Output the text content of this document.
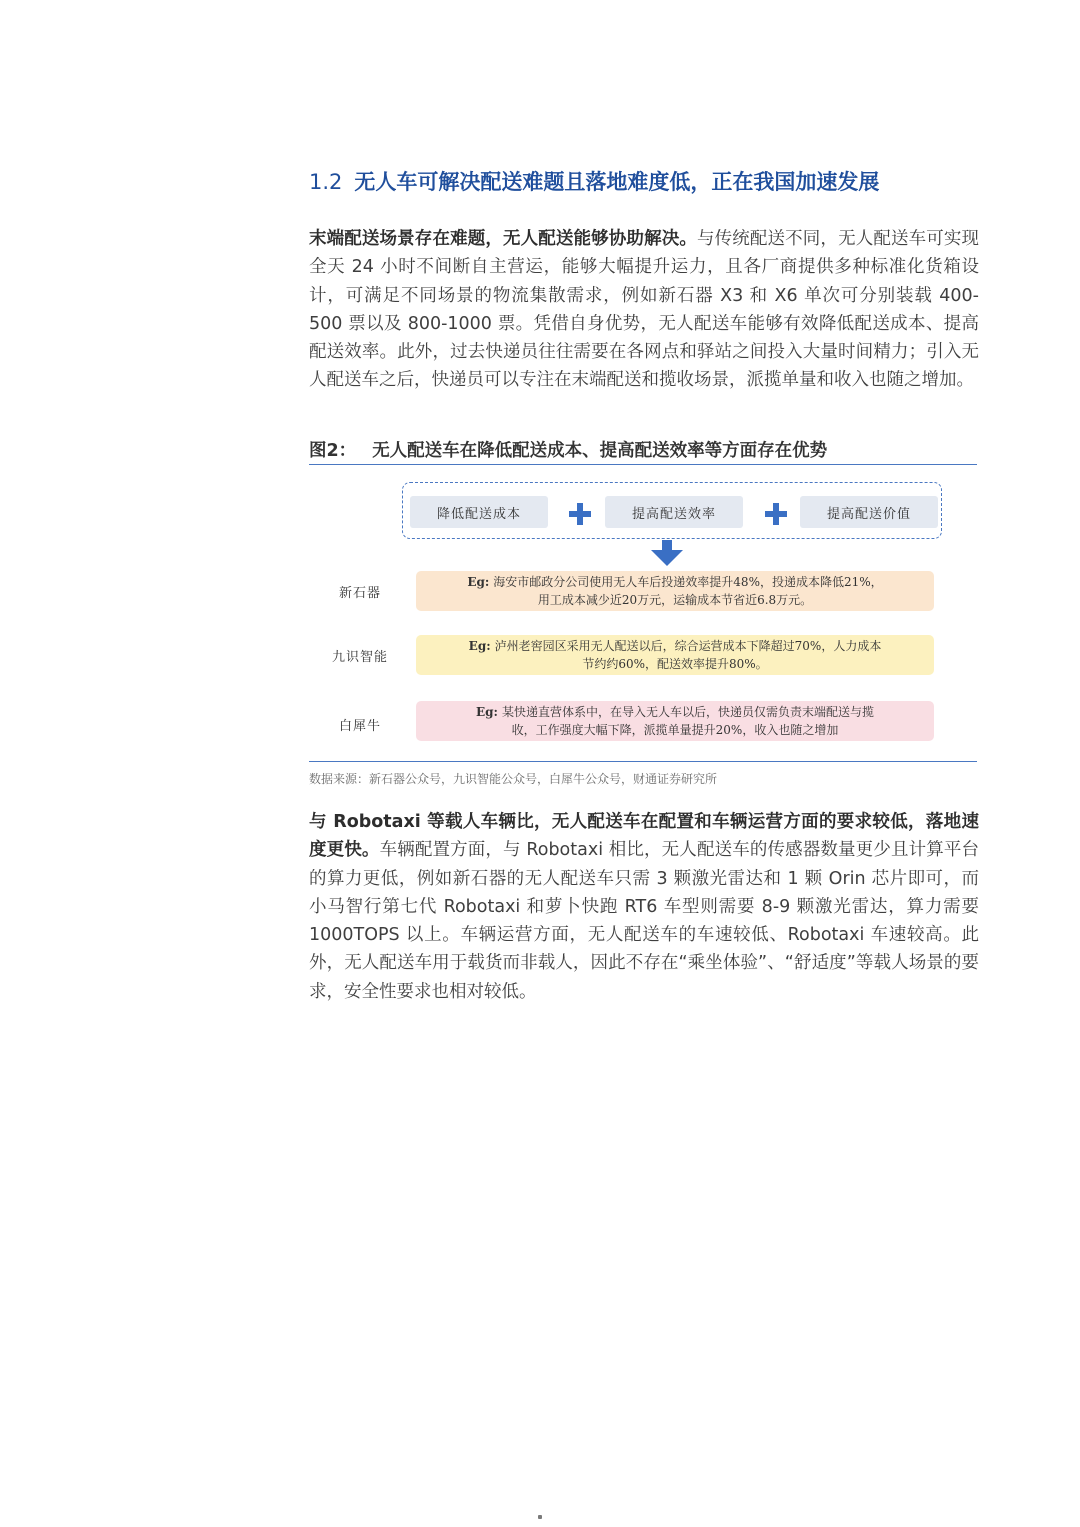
1.2 无人车可解决配送难题且落地难度低，正在我国加速发展

末端配送场景存在难题，无人配送能够协助解决。与传统配送不同，无人配送车可实现全天 24 小时不间断自主营运，能够大幅提升运力，且各厂商提供多种标准化货箱设计，可满足不同场景的物流集散需求，例如新石器 X3 和 X6 单次可分别装载 400-500 票以及 800-1000 票。凭借自身优势，无人配送车能够有效降低配送成本、提高配送效率。此外，过去快递员往往需要在各网点和驿站之间投入大量时间精力；引入无人配送车之后，快递员可以专注在末端配送和揽收场景，派揽单量和收入也随之增加。

图2： 无人配送车在降低配送成本、提高配送效率等方面存在优势
降低配送成本	提高配送效率	提高配送价值
新石器
Eg: 海安市邮政分公司使用无人车后投递效率提升48%，投递成本降低21%，
用工成本减少近20万元，运输成本节省近6.8万元。
九识智能
Eg: 泸州老窖园区采用无人配送以后，综合运营成本下降超过70%，人力成本
节约约60%，配送效率提升80%。
白犀牛
Eg: 某快递直营体系中，在导入无人车以后，快递员仅需负责末端配送与揽
收，工作强度大幅下降，派揽单量提升20%，收入也随之增加
数据来源：新石器公众号，九识智能公众号，白犀牛公众号，财通证券研究所

与 Robotaxi 等载人车辆比，无人配送车在配置和车辆运营方面的要求较低，落地速度更快。车辆配置方面，与 Robotaxi 相比，无人配送车的传感器数量更少且计算平台的算力更低，例如新石器的无人配送车只需 3 颗激光雷达和 1 颗 Orin 芯片即可，而小马智行第七代 Robotaxi 和萝卜快跑 RT6 车型则需要 8-9 颗激光雷达，算力需要 1000TOPS 以上。车辆运营方面，无人配送车的车速较低、Robotaxi 车速较高。此外，无人配送车用于载货而非载人，因此不存在“乘坐体验”、“舒适度”等载人场景的要求，安全性要求也相对较低。
